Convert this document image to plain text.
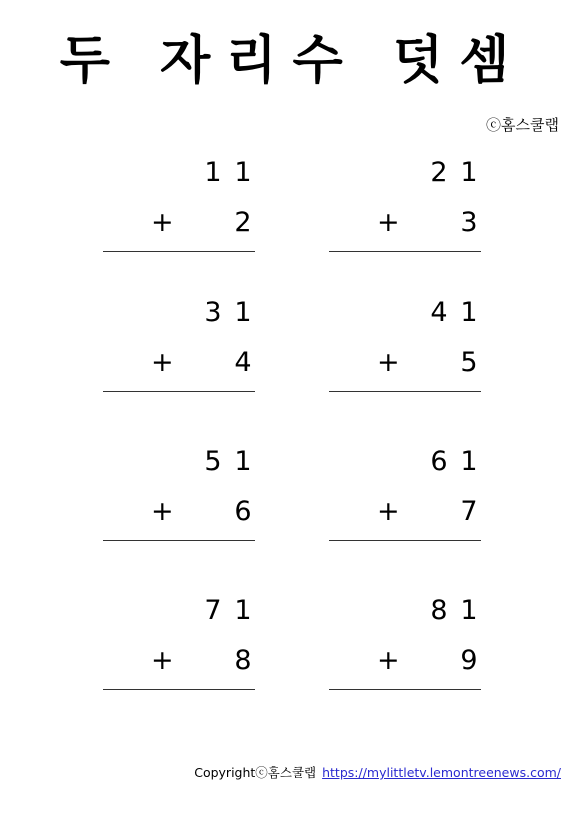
두 자리수 덧셈
ⓒ홈스쿨랩
1 1
+ 2
2 1
+ 3
3 1
+ 4
4 1
+ 5
5 1
+ 6
6 1
+ 7
7 1
+ 8
8 1
+ 9
Copyrightⓒ홈스쿨랩 https://mylittletv.lemontreenews.com/
